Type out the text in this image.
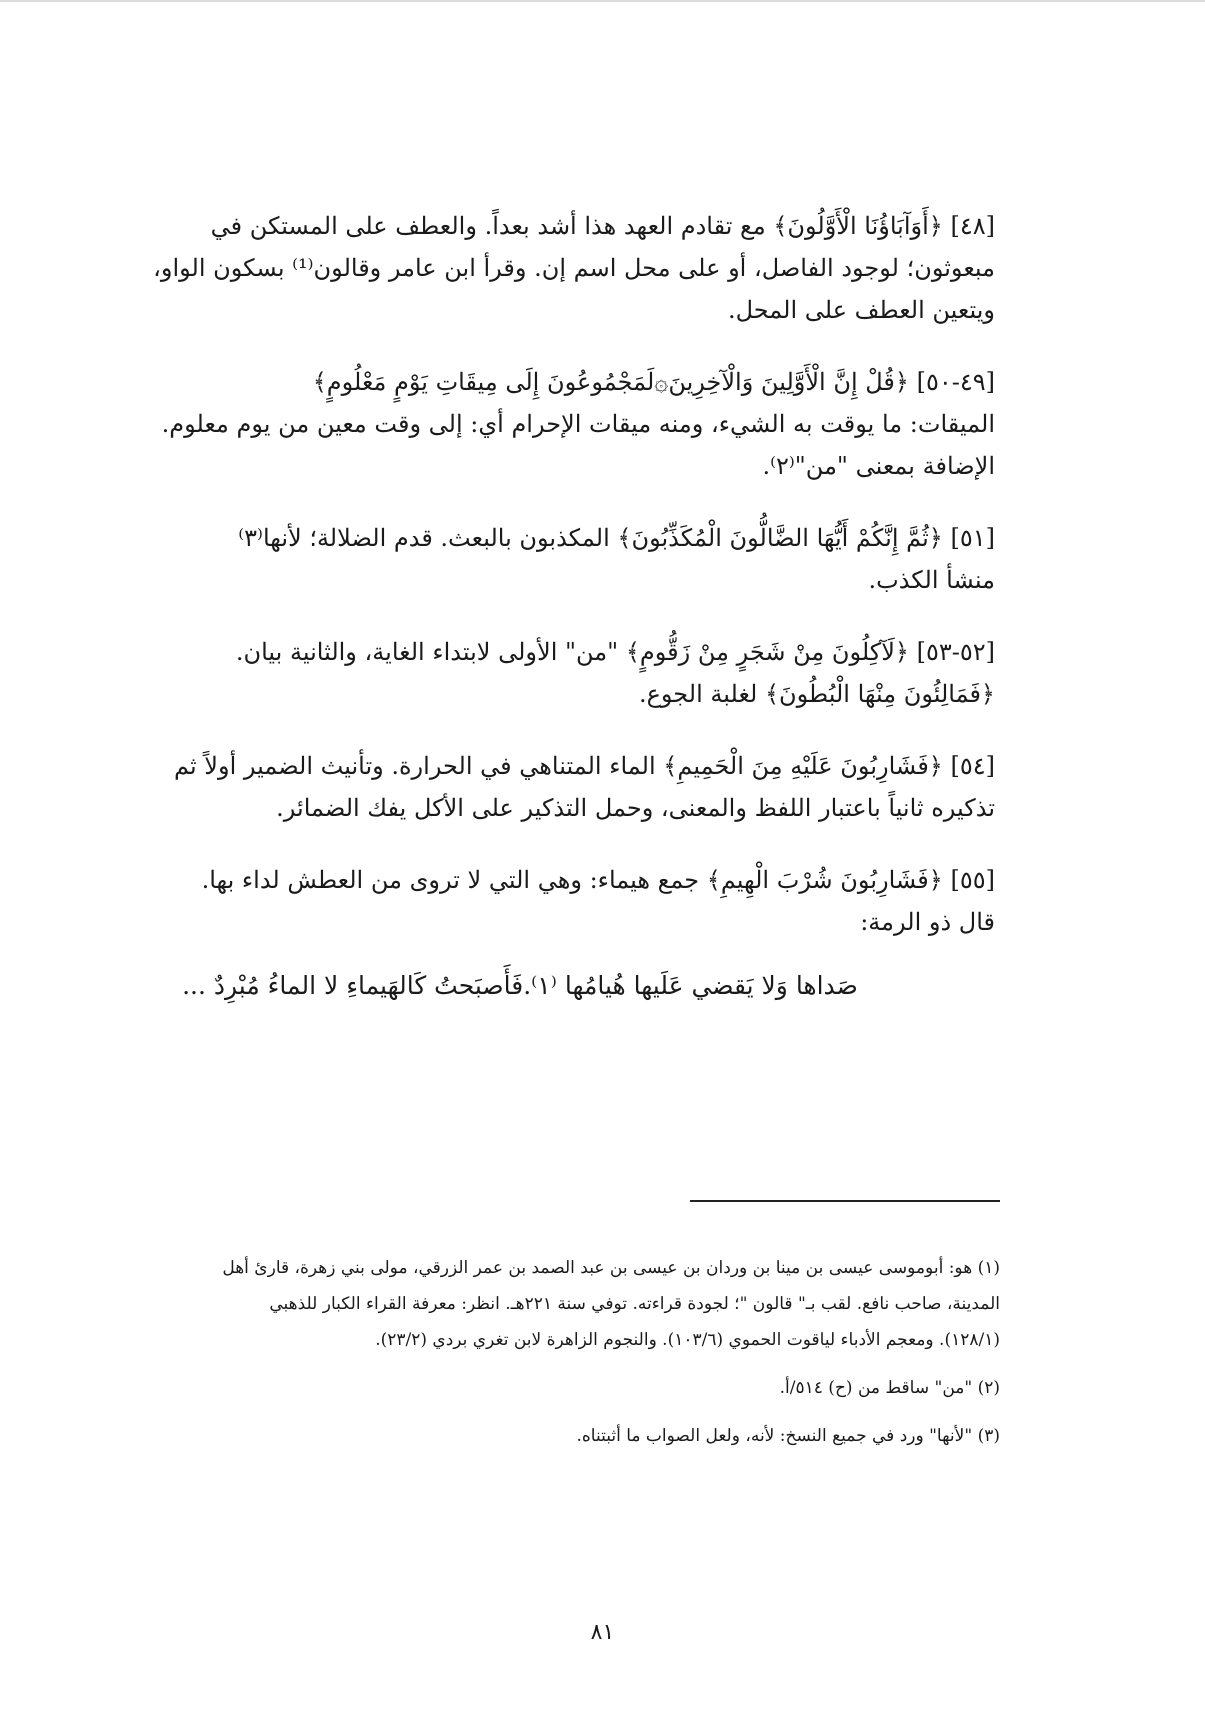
[٤٨] ﴿أَوَآبَاؤُنَا الْأَوَّلُونَ﴾ مع تقادم العهد هذا أشد بعداً. والعطف على المستكن في
مبعوثون؛ لوجود الفاصل، أو على محل اسم إن. وقرأ ابن عامر وقالون⁽¹⁾ بسكون الواو،
ويتعين العطف على المحل.

[٤٩-٥٠] ﴿قُلْ إِنَّ الْأَوَّلِينَ وَالْآخِرِينَ۞لَمَجْمُوعُونَ إِلَى مِيقَاتِ يَوْمٍ مَعْلُومٍ﴾
الميقات: ما يوقت به الشيء، ومنه ميقات الإحرام أي: إلى وقت معين من يوم معلوم.
الإضافة بمعنى "من"⁽٢⁾.

[٥١] ﴿ثُمَّ إِنَّكُمْ أَيُّهَا الضَّالُّونَ الْمُكَذِّبُونَ﴾ المكذبون بالبعث. قدم الضلالة؛ لأنها⁽٣⁾
منشأ الكذب.

[٥٢-٥٣] ﴿لَآكِلُونَ مِنْ شَجَرٍ مِنْ زَقُّومٍ﴾ "من" الأولى لابتداء الغاية، والثانية بيان.
﴿فَمَالِئُونَ مِنْهَا الْبُطُونَ﴾ لغلبة الجوع.

[٥٤] ﴿فَشَارِبُونَ عَلَيْهِ مِنَ الْحَمِيمِ﴾ الماء المتناهي في الحرارة. وتأنيث الضمير أولاً ثم
تذكيره ثانياً باعتبار اللفظ والمعنى، وحمل التذكير على الأكل يفك الضمائر.

[٥٥] ﴿فَشَارِبُونَ شُرْبَ الْهِيمِ﴾ جمع هيماء: وهي التي لا تروى من العطش لداء بها.
قال ذو الرمة:

صَداها وَلا يَقضي عَلَيها هُيامُها ⁽١⁾.فَأَصبَحتُ كَالهَيماءِ لا الماءُ مُبْرِدٌ ...

(١) هو: أبوموسى عيسى بن مينا بن وردان بن عيسى بن عبد الصمد بن عمر الزرقي، مولى بني زهرة، قارئ أهل
المدينة، صاحب نافع. لقب بـ" قالون "؛ لجودة قراءته. توفي سنة ٢٢١هـ. انظر: معرفة القراء الكبار للذهبي
(١٢٨/١). ومعجم الأدباء لياقوت الحموي (١٠٣/٦). والنجوم الزاهرة لابن تغري بردي (٢٣/٢).

(٢) "من" ساقط من (ح) ٥١٤/أ.

(٣) "لأنها" ورد في جميع النسخ: لأنه، ولعل الصواب ما أثبتناه.

٨١
